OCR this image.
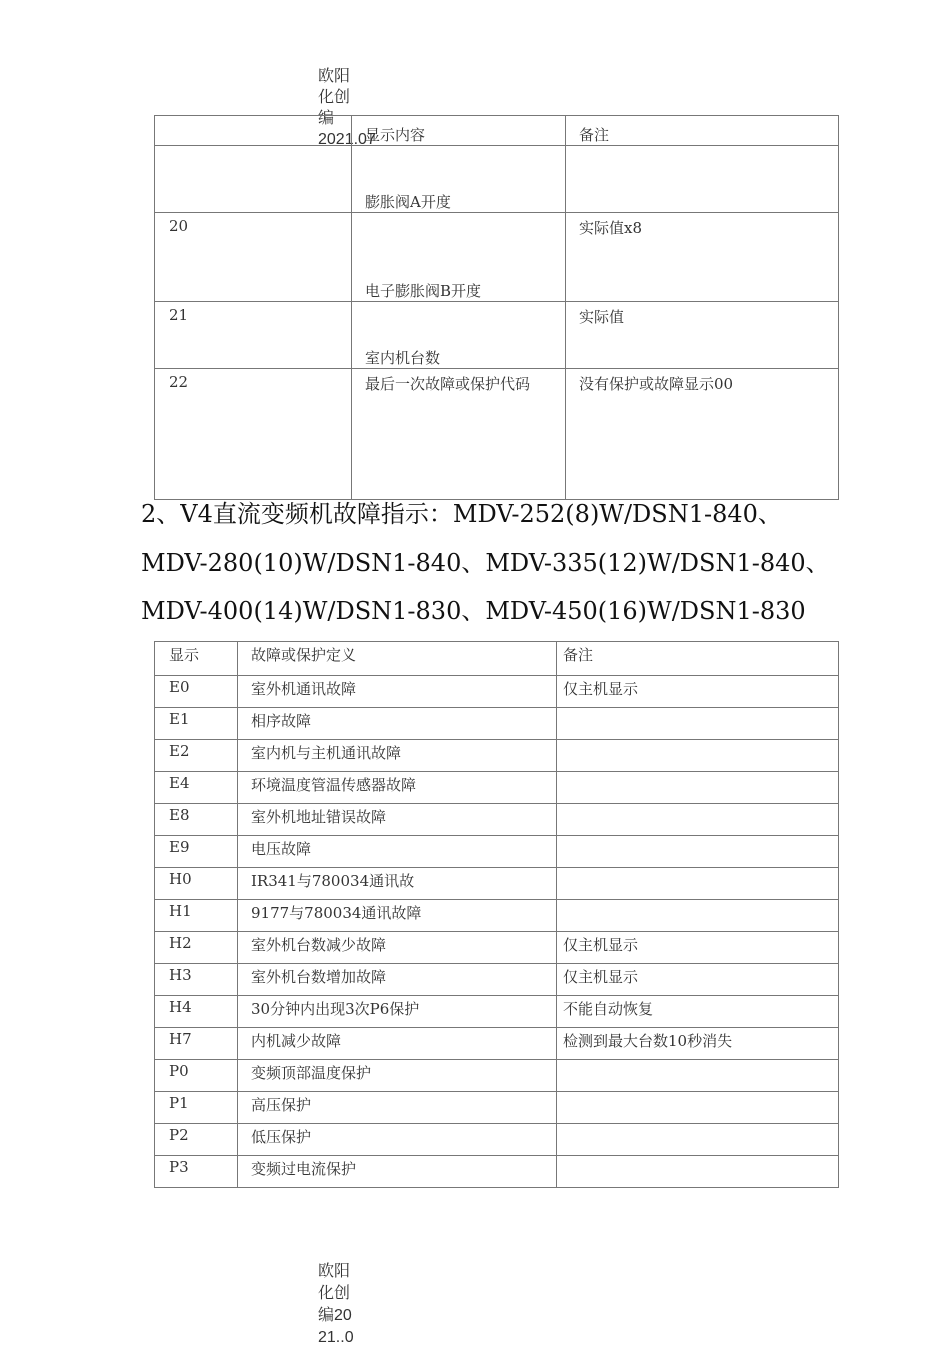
欧阳化创编2021.07
	显示内容	备注

	膨胀阀A开度	

20	电子膨胀阀B开度	实际值x8
21	室内机台数	实际值
22	最后一次故障或保护代码	没有保护或故障显示00
2、V4直流变频机故障指示：MDV-252(8)W/DSN1-840、
MDV-280(10)W/DSN1-840、MDV-335(12)W/DSN1-840、
MDV-400(14)W/DSN1-830、MDV-450(16)W/DSN1-830
显示	故障或保护定义	备注
E0	室外机通讯故障	仅主机显示
E1	相序故障	
E2	室内机与主机通讯故障	
E4	环境温度管温传感器故障	
E8	室外机地址错误故障	
E9	电压故障	
H0	IR341与780034通讯故	
H1	9177与780034通讯故障	
H2	室外机台数减少故障	仅主机显示
H3	室外机台数增加故障	仅主机显示
H4	30分钟内出现3次P6保护	不能自动恢复
H7	内机减少故障	检测到最大台数10秒消失
P0	变频顶部温度保护	
P1	高压保护	
P2	低压保护	
P3	变频过电流保护	
欧阳
化创
编20
21..0
